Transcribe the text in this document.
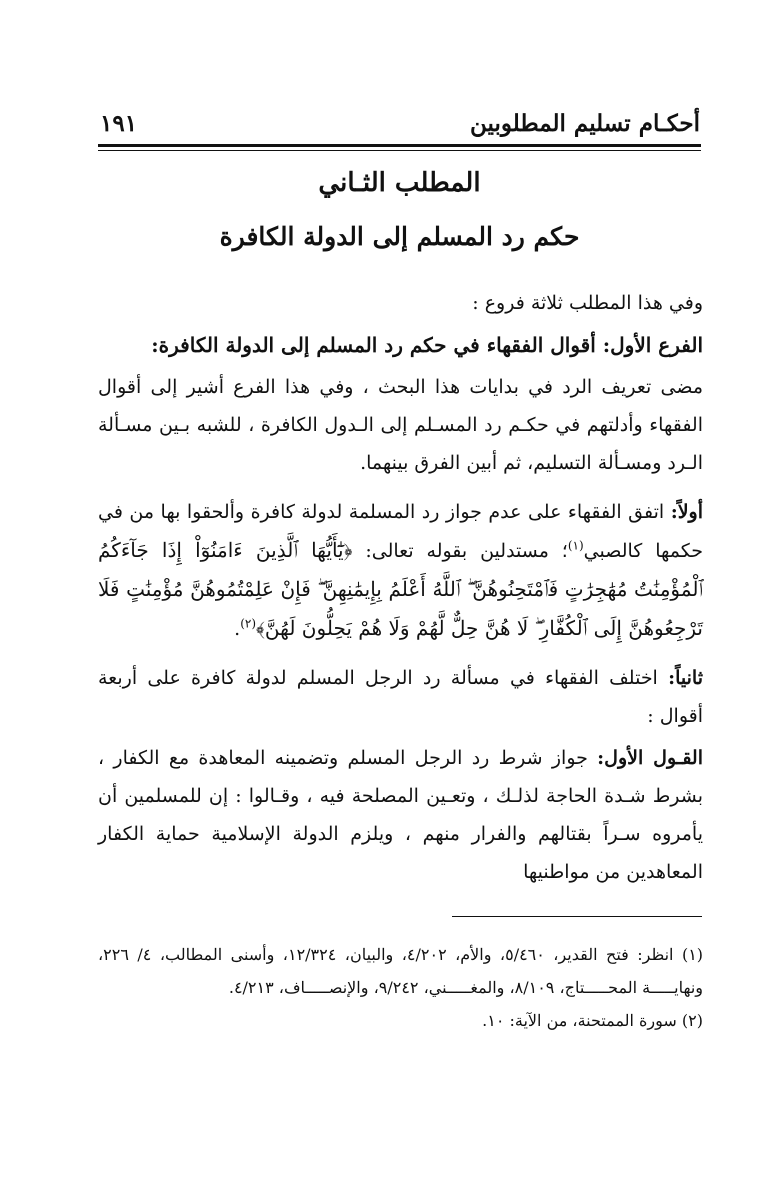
أحكـام تسليم المطلوبين
١٩١
المطلب الثـاني
حكم رد المسلم إلى الدولة الكافرة

وفي هذا المطلب ثلاثة فروع :

الفرع الأول: أقوال الفقهاء في حكم رد المسلم إلى الدولة الكافرة:

مضى تعريف الرد في بدايات هذا البحث ، وفي هذا الفرع أشير إلى أقوال الفقهاء وأدلتهم في حكـم رد المسـلم إلى الـدول الكافرة ، للشبه بـين مسـألة الـرد ومسـألة التسليم، ثم أبين الفرق بينهما.

أولاً: اتفق الفقهاء على عدم جواز رد المسلمة لدولة كافرة وألحقوا بها من في حكمها كالصبي$^{(١)}$؛ مستدلين بقوله تعالى: ﴿يَٰٓأَيُّهَا ٱلَّذِينَ ءَامَنُوٓاْ إِذَا جَآءَكُمُ ٱلْمُؤْمِنَٰتُ مُهَٰجِرَٰتٍ فَٱمْتَحِنُوهُنَّ ۖ ٱللَّهُ أَعْلَمُ بِإِيمَٰنِهِنَّ ۖ فَإِنْ عَلِمْتُمُوهُنَّ مُؤْمِنَٰتٍ فَلَا تَرْجِعُوهُنَّ إِلَى ٱلْكُفَّارِ ۖ لَا هُنَّ حِلٌّ لَّهُمْ وَلَا هُمْ يَحِلُّونَ لَهُنَّ﴾$^{(٢)}$.

ثانياً: اختلف الفقهاء في مسألة رد الرجل المسلم لدولة كافرة على أربعة أقوال :

القـول الأول: جواز شرط رد الرجل المسلم وتضمينه المعاهدة مع الكفار ، بشرط شـدة الحاجة لذلـك ، وتعـين المصلحة فيه ، وقـالوا : إن للمسلمين أن يأمروه سـراً بقتالهم والفرار منهم ، ويلزم الدولة الإسلامية حماية الكفار المعاهدين من مواطنيها

(١) انظر: فتح القدير، ٥/٤٦٠، والأم، ٤/٢٠٢، والبيان، ١٢/٣٢٤، وأسنى المطالب، ٤/ ٢٢٦، ونهايـــــة المحـــــتاج، ٨/١٠٩، والمغـــــني، ٩/٢٤٢، والإنصـــــاف، ٤/٢١٣.

(٢) سورة الممتحنة، من الآية: ١٠.
